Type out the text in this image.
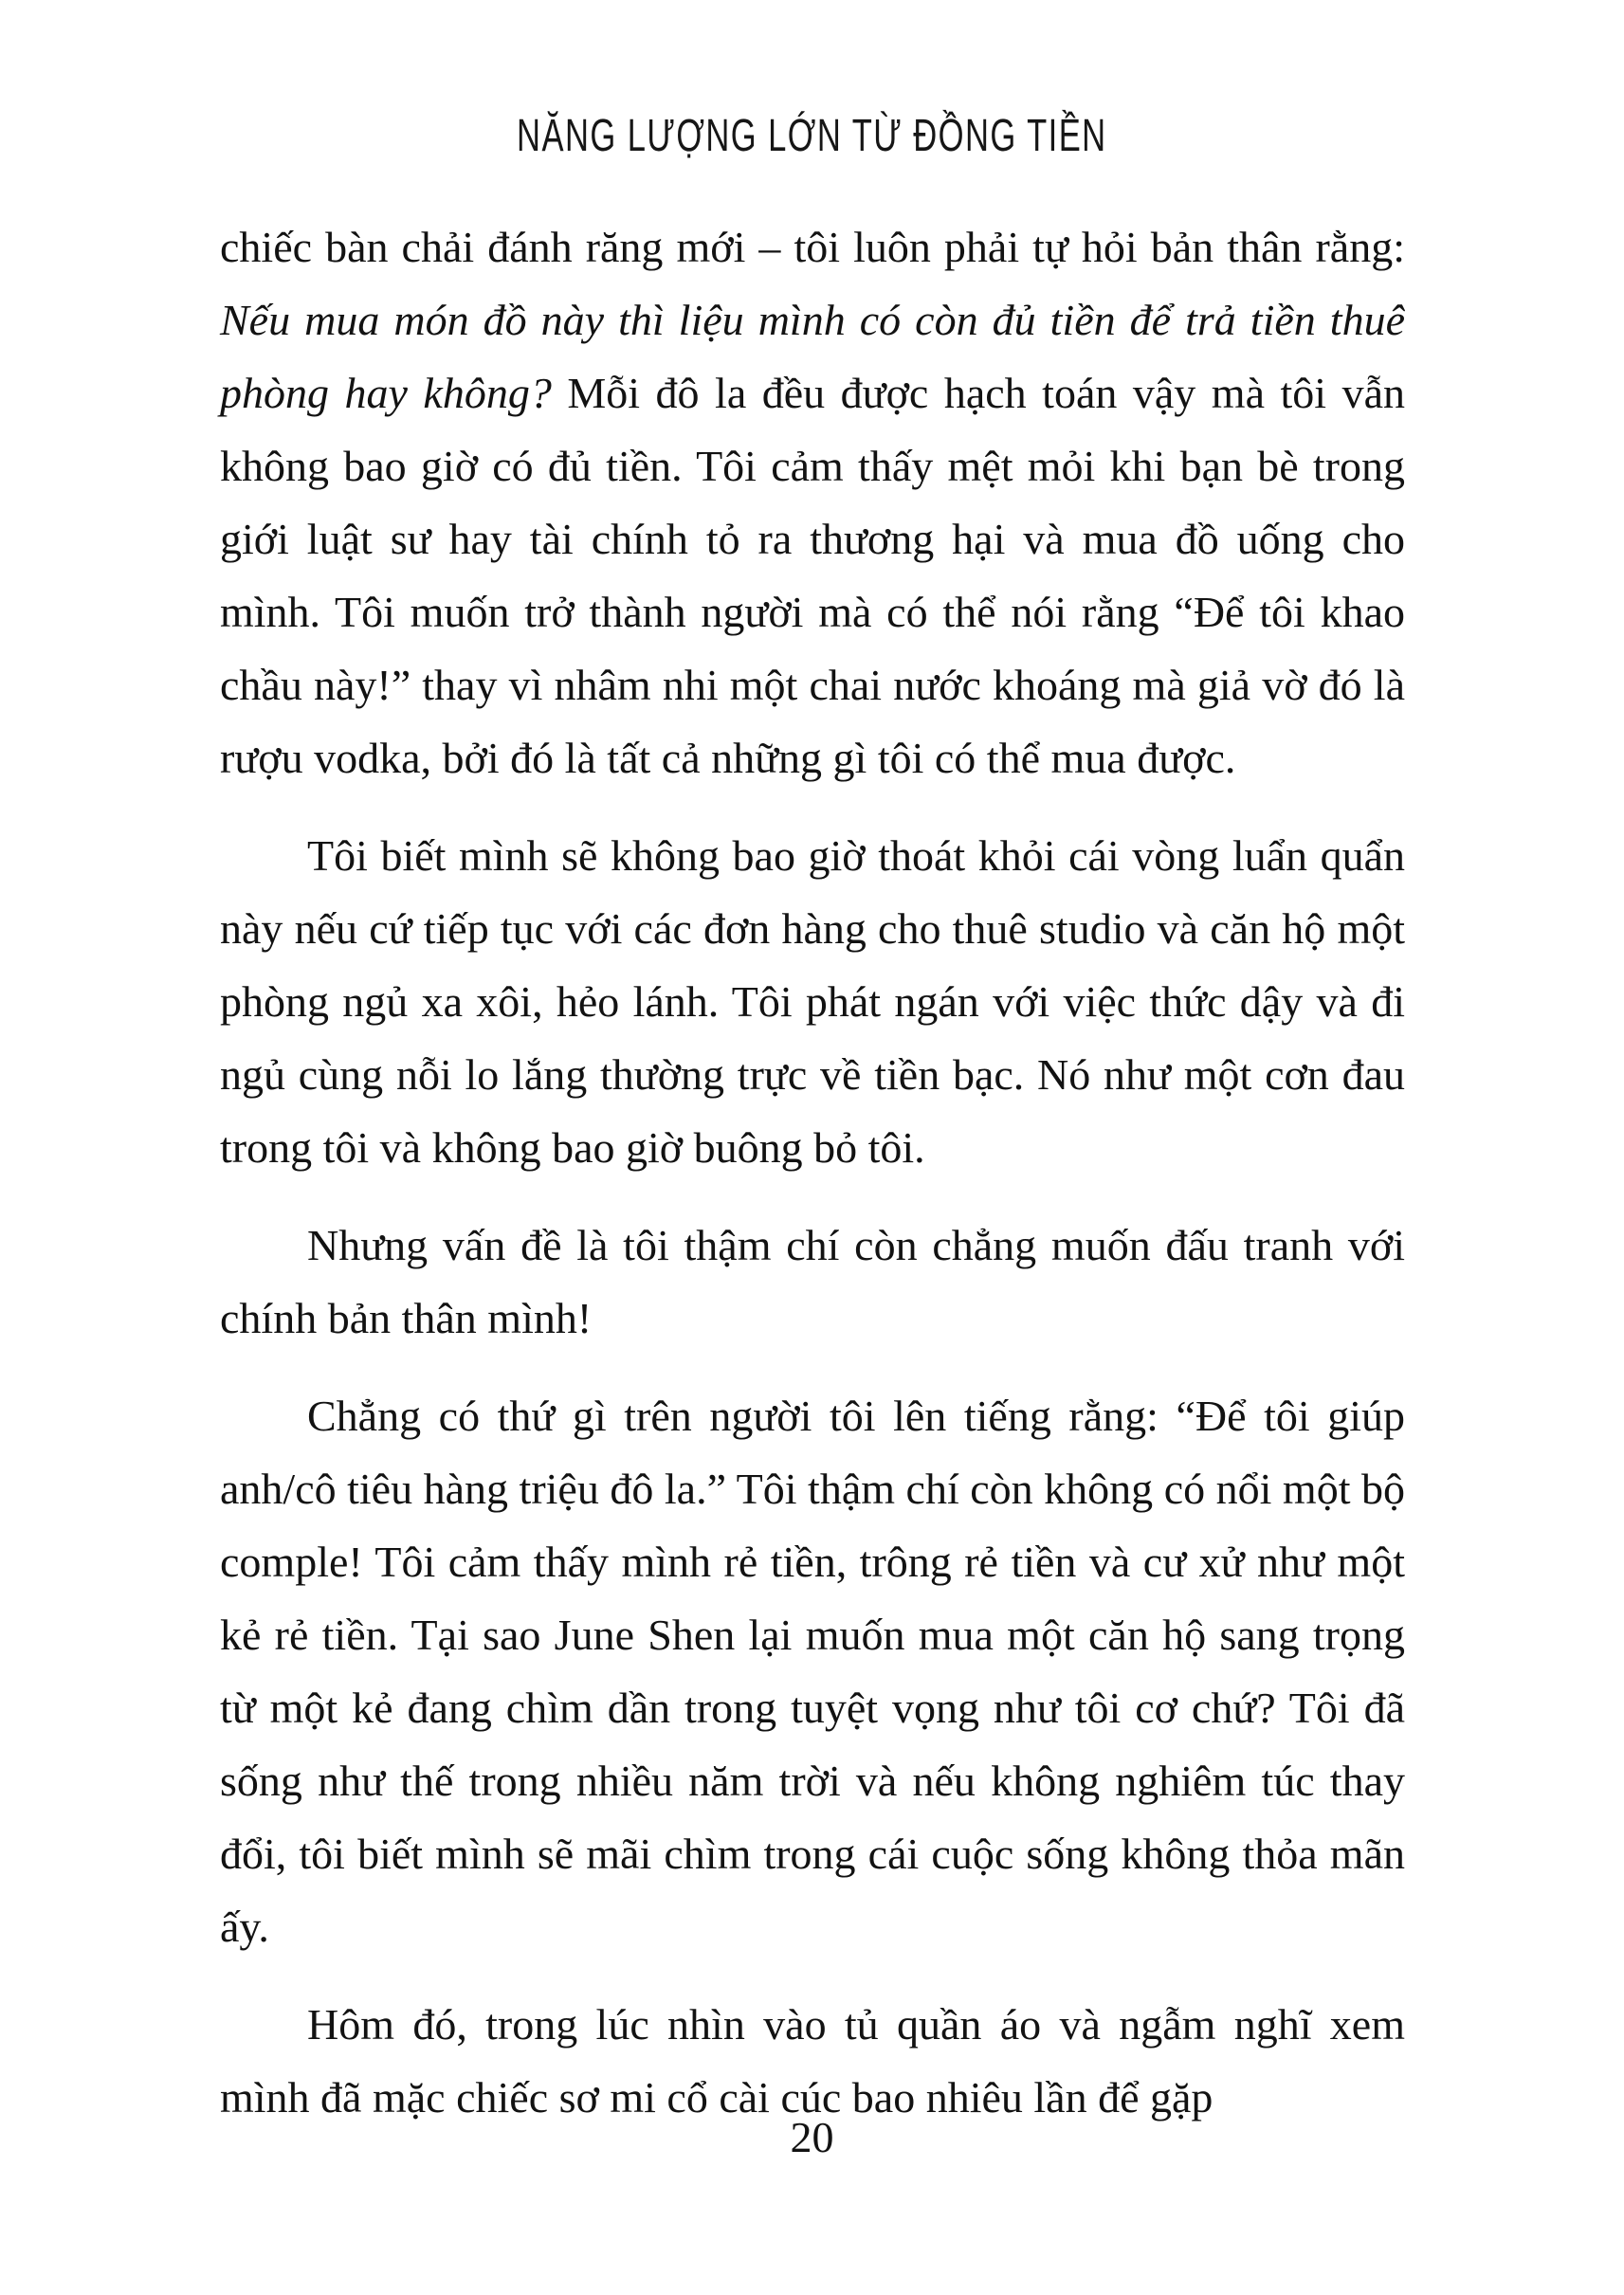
NĂNG LƯỢNG LỚN TỪ ĐỒNG TIỀN

chiếc bàn chải đánh răng mới – tôi luôn phải tự hỏi bản thân rằng: Nếu mua món đồ này thì liệu mình có còn đủ tiền để trả tiền thuê phòng hay không? Mỗi đô la đều được hạch toán vậy mà tôi vẫn không bao giờ có đủ tiền. Tôi cảm thấy mệt mỏi khi bạn bè trong giới luật sư hay tài chính tỏ ra thương hại và mua đồ uống cho mình. Tôi muốn trở thành người mà có thể nói rằng “Để tôi khao chầu này!” thay vì nhâm nhi một chai nước khoáng mà giả vờ đó là rượu vodka, bởi đó là tất cả những gì tôi có thể mua được.

Tôi biết mình sẽ không bao giờ thoát khỏi cái vòng luẩn quẩn này nếu cứ tiếp tục với các đơn hàng cho thuê studio và căn hộ một phòng ngủ xa xôi, hẻo lánh. Tôi phát ngán với việc thức dậy và đi ngủ cùng nỗi lo lắng thường trực về tiền bạc. Nó như một cơn đau trong tôi và không bao giờ buông bỏ tôi.

Nhưng vấn đề là tôi thậm chí còn chẳng muốn đấu tranh với chính bản thân mình!

Chẳng có thứ gì trên người tôi lên tiếng rằng: “Để tôi giúp anh/cô tiêu hàng triệu đô la.” Tôi thậm chí còn không có nổi một bộ comple! Tôi cảm thấy mình rẻ tiền, trông rẻ tiền và cư xử như một kẻ rẻ tiền. Tại sao June Shen lại muốn mua một căn hộ sang trọng từ một kẻ đang chìm dần trong tuyệt vọng như tôi cơ chứ? Tôi đã sống như thế trong nhiều năm trời và nếu không nghiêm túc thay đổi, tôi biết mình sẽ mãi chìm trong cái cuộc sống không thỏa mãn ấy.

Hôm đó, trong lúc nhìn vào tủ quần áo và ngẫm nghĩ xem mình đã mặc chiếc sơ mi cổ cài cúc bao nhiêu lần để gặp

20
